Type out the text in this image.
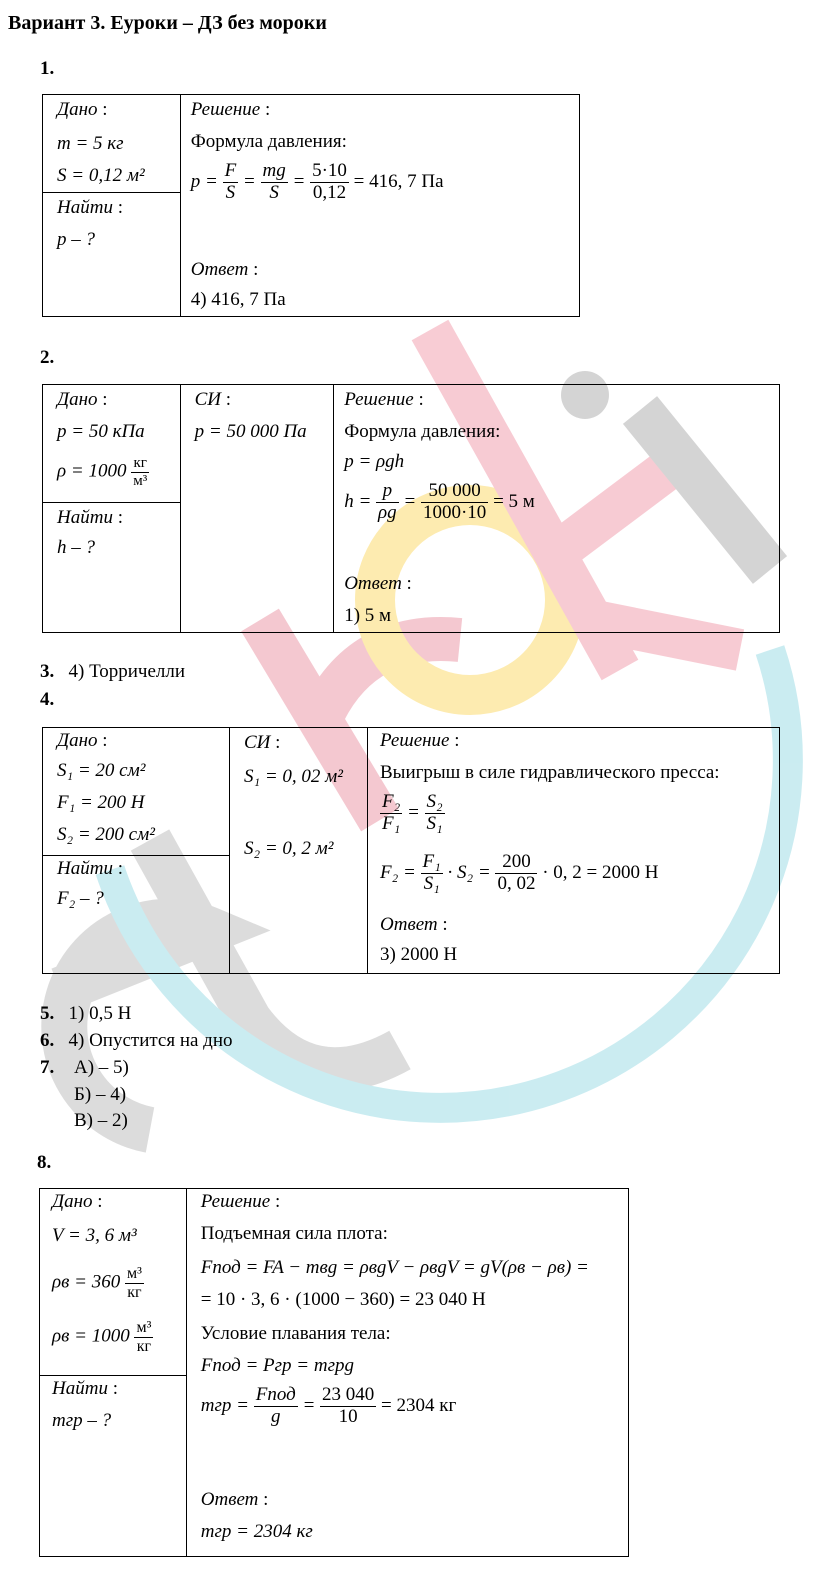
Вариант 3. Еуроки – ДЗ без мороки
1.
Дано :
m = 5 кг
S = 0,12 м²

Решение :
Формула давления:
$p = \frac{F}{S} = \frac{mg}{S} = \frac{5\cdot 10}{0,12} = 416$, 7 Па
Ответ :
4) 416, 7 Па

Найти :
p – ?
2.
Дано :
p = 50 кПа
$\rho = 1000 \frac{кг}{\text{м³}}$

СИ :
p = 50 000 Па

Решение :
Формула давления:
p = ρgh
$h = \frac{p}{\rho g} = \frac{50 000}{1000\cdot 10} = 5$ м
Ответ :
1) 5 м

Найти :
h – ?
3. 4) Торричелли
4.
Дано :
S₁ = 20 см²
F₁ = 200 Н
S₂ = 200 см²

СИ :
S₁ = 0, 02 м²
S₂ = 0, 2 м²

Решение :
Выигрыш в силе гидравлического пресса:
$\frac{\text{F₂}}{\text{F₁}} = \frac{\text{S₂}}{\text{S₁}}$
$F_2 = \frac{\text{F₁}}{\text{S₁}} \cdot S_2 = \frac{200}{0, 02} \cdot 0$, 2 = 2000 Н
Ответ :
3) 2000 Н

Найти :
F₂ – ?
5. 1) 0,5 Н
6. 4) Опустится на дно
7. А) – 5)
Б) – 4)
В) – 2)
8.
Дано :
V = 3, 6 м³
$\rho в = 360 \frac{\text{м³}}{кг}$
$\rho в = 1000 \frac{\text{м³}}{кг}$

Решение :
Подъемная сила плота:
Fпод = FA − mвg = ρвgV − ρвgV = gV(ρв − ρв) =
= 10 · 3, 6 · (1000 − 360) = 23 040 Н
Условие плавания тела:
Fпод = Pгр = mгрg
mгр = $\frac{\text{Fпод}}{g} = \frac{23 040}{10} = 2304$ кг
Ответ :
mгр = 2304 кг

Найти :
mгр – ?
